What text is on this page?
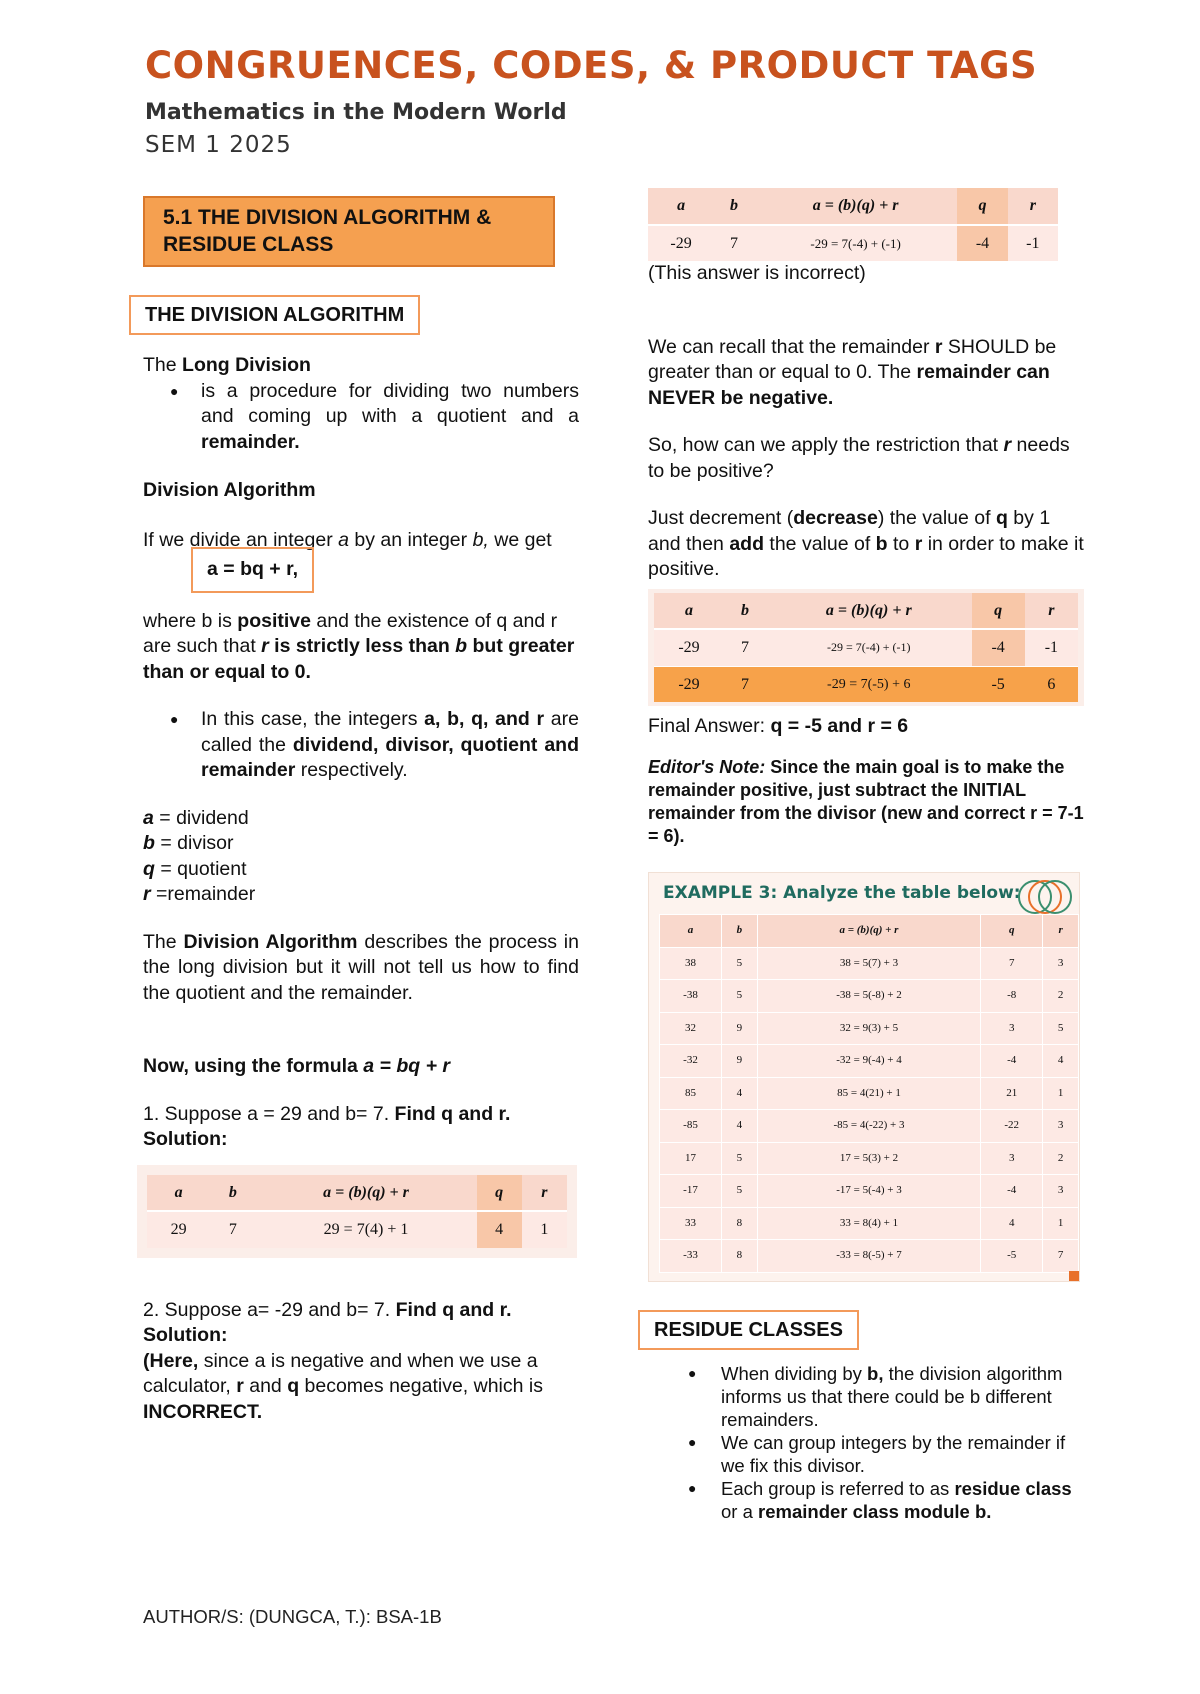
CONGRUENCES, CODES, & PRODUCT TAGS
Mathematics in the Modern World
SEM 1 2025
5.1 THE DIVISION ALGORITHM & RESIDUE CLASS
THE DIVISION ALGORITHM

The Long Division

● is a procedure for dividing two numbers and coming up with a quotient and a remainder.

Division Algorithm

If we divide an integer a by an integer b, we get

a = bq + r,

where b is positive and the existence of q and r are such that r is strictly less than b but greater than or equal to 0.

● In this case, the integers a, b, q, and r are called the dividend, divisor, quotient and remainder respectively.

a = dividend

b = divisor

q = quotient

r =remainder

The Division Algorithm describes the process in the long division but it will not tell us how to find the quotient and the remainder.

Now, using the formula a = bq + r

1. Suppose a = 29 and b= 7. Find q and r.

Solution:

a	b	a = (b)(q) + r	q	r
29	7	29 = 7(4) + 1	4	1

2. Suppose a= -29 and b= 7. Find q and r.

Solution:

(Here, since a is negative and when we use a calculator, r and q becomes negative, which is INCORRECT.

a	b	a = (b)(q) + r	q	r
-29	7	-29 = 7(-4) + (-1)	-4	-1

(This answer is incorrect)

We can recall that the remainder r SHOULD be greater than or equal to 0. The remainder can NEVER be negative.

So, how can we apply the restriction that r needs to be positive?

Just decrement (decrease) the value of q by 1 and then add the value of b to r in order to make it positive.

a	b	a = (b)(q) + r	q	r
-29	7	-29 = 7(-4) + (-1)	-4	-1
-29	7	-29 = 7(-5) + 6	-5	6

Final Answer: q = -5 and r = 6

Editor's Note: Since the main goal is to make the remainder positive, just subtract the INITIAL remainder from the divisor (new and correct r = 7-1 = 6).

EXAMPLE 3: Analyze the table below:
a	b	a = (b)(q) + r	q	r
38	5	38 = 5(7) + 3	7	3
-38	5	-38 = 5(-8) + 2	-8	2
32	9	32 = 9(3) + 5	3	5
-32	9	-32 = 9(-4) + 4	-4	4
85	4	85 = 4(21) + 1	21	1
-85	4	-85 = 4(-22) + 3	-22	3
17	5	17 = 5(3) + 2	3	2
-17	5	-17 = 5(-4) + 3	-4	3
33	8	33 = 8(4) + 1	4	1
-33	8	-33 = 8(-5) + 7	-5	7
RESIDUE CLASSES
● When dividing by b, the division algorithm informs us that there could be b different remainders.
● We can group integers by the remainder if we fix this divisor.
● Each group is referred to as residue class or a remainder class module b.
AUTHOR/S: (DUNGCA, T.): BSA-1B
